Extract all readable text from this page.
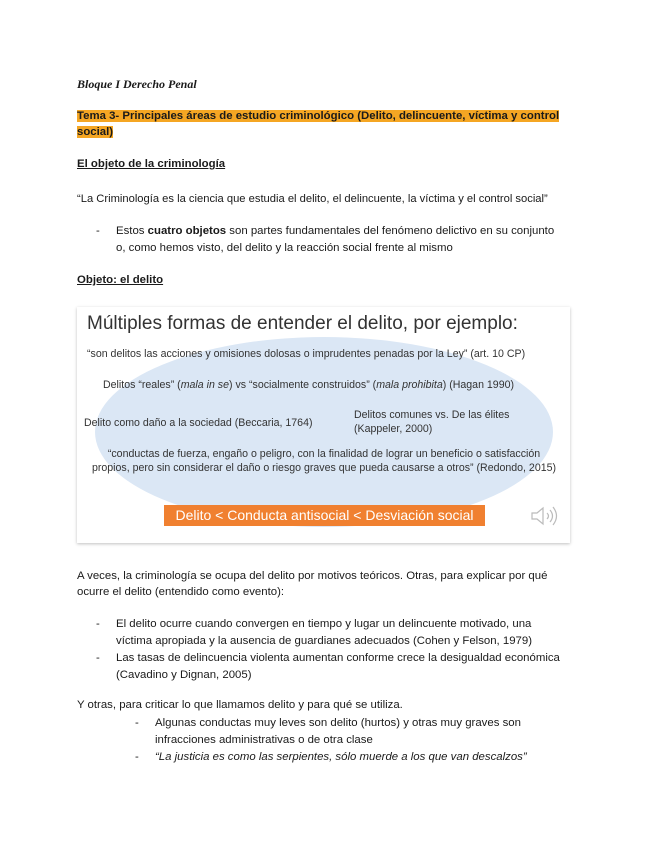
Bloque I Derecho Penal
Tema 3- Principales áreas de estudio criminológico (Delito, delincuente, víctima y control social)
El objeto de la criminología
“La Criminología es la ciencia que estudia el delito, el delincuente, la víctima y el control social”
- Estos cuatro objetos son partes fundamentales del fenómeno delictivo en su conjunto
o, como hemos visto, del delito y la reacción social frente al mismo
Objeto: el delito
Múltiples formas de entender el delito, por ejemplo:
“son delitos las acciones y omisiones dolosas o imprudentes penadas por la Ley” (art. 10 CP)
Delitos “reales” (mala in se) vs “socialmente construidos” (mala prohibita) (Hagan 1990)
Delito como daño a la sociedad (Beccaria, 1764)
Delitos comunes vs. De las élites
(Kappeler, 2000)
“conductas de fuerza, engaño o peligro, con la finalidad de lograr un beneficio o satisfacción propios, pero sin considerar el daño o riesgo graves que pueda causarse a otros” (Redondo, 2015)
Delito < Conducta antisocial < Desviación social
A veces, la criminología se ocupa del delito por motivos teóricos. Otras, para explicar por qué
ocurre el delito (entendido como evento):
- El delito ocurre cuando convergen en tiempo y lugar un delincuente motivado, una
víctima apropiada y la ausencia de guardianes adecuados (Cohen y Felson, 1979)
- Las tasas de delincuencia violenta aumentan conforme crece la desigualdad económica
(Cavadino y Dignan, 2005)
Y otras, para criticar lo que llamamos delito y para qué se utiliza.
- Algunas conductas muy leves son delito (hurtos) y otras muy graves son
infracciones administrativas o de otra clase
- “La justicia es como las serpientes, sólo muerde a los que van descalzos”
